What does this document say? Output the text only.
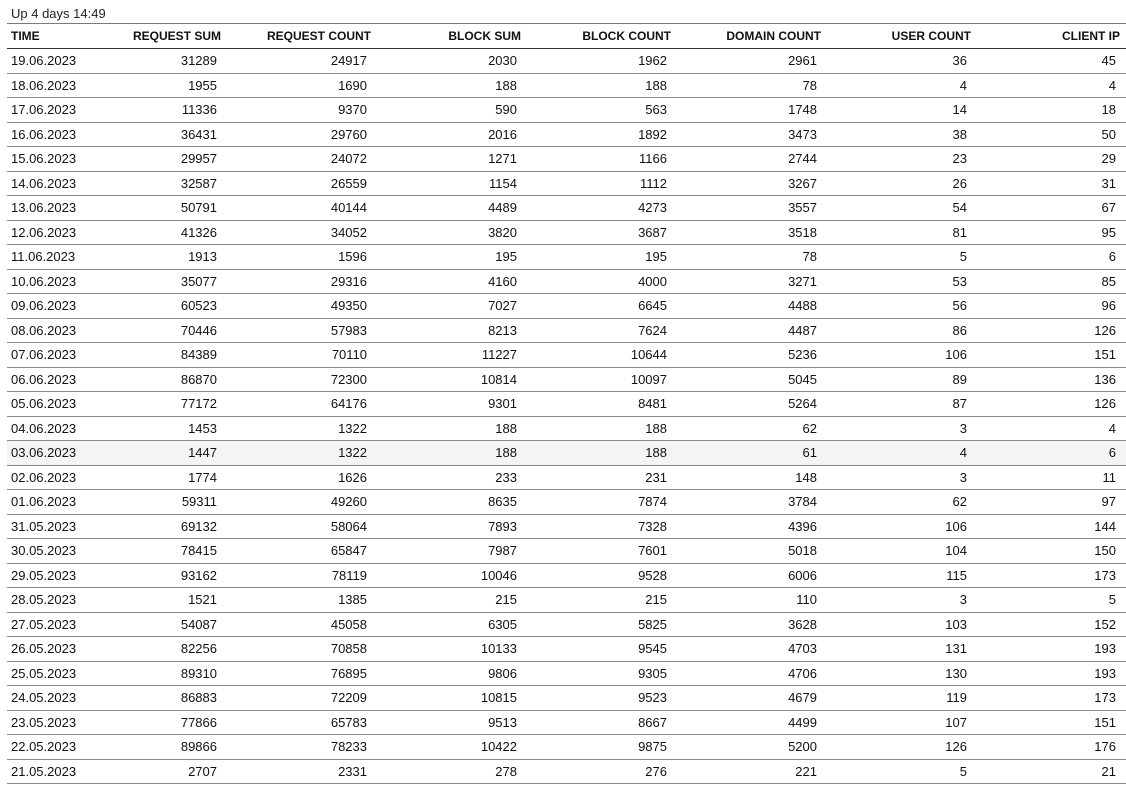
Up 4 days 14:49
TIME	REQUEST SUM	REQUEST COUNT	BLOCK SUM	BLOCK COUNT	DOMAIN COUNT	USER COUNT	CLIENT IP
19.06.2023	31289	24917	2030	1962	2961	36	45
18.06.2023	1955	1690	188	188	78	4	4
17.06.2023	11336	9370	590	563	1748	14	18
16.06.2023	36431	29760	2016	1892	3473	38	50
15.06.2023	29957	24072	1271	1166	2744	23	29
14.06.2023	32587	26559	1154	1112	3267	26	31
13.06.2023	50791	40144	4489	4273	3557	54	67
12.06.2023	41326	34052	3820	3687	3518	81	95
11.06.2023	1913	1596	195	195	78	5	6
10.06.2023	35077	29316	4160	4000	3271	53	85
09.06.2023	60523	49350	7027	6645	4488	56	96
08.06.2023	70446	57983	8213	7624	4487	86	126
07.06.2023	84389	70110	11227	10644	5236	106	151
06.06.2023	86870	72300	10814	10097	5045	89	136
05.06.2023	77172	64176	9301	8481	5264	87	126
04.06.2023	1453	1322	188	188	62	3	4
03.06.2023	1447	1322	188	188	61	4	6
02.06.2023	1774	1626	233	231	148	3	11
01.06.2023	59311	49260	8635	7874	3784	62	97
31.05.2023	69132	58064	7893	7328	4396	106	144
30.05.2023	78415	65847	7987	7601	5018	104	150
29.05.2023	93162	78119	10046	9528	6006	115	173
28.05.2023	1521	1385	215	215	110	3	5
27.05.2023	54087	45058	6305	5825	3628	103	152
26.05.2023	82256	70858	10133	9545	4703	131	193
25.05.2023	89310	76895	9806	9305	4706	130	193
24.05.2023	86883	72209	10815	9523	4679	119	173
23.05.2023	77866	65783	9513	8667	4499	107	151
22.05.2023	89866	78233	10422	9875	5200	126	176
21.05.2023	2707	2331	278	276	221	5	21
